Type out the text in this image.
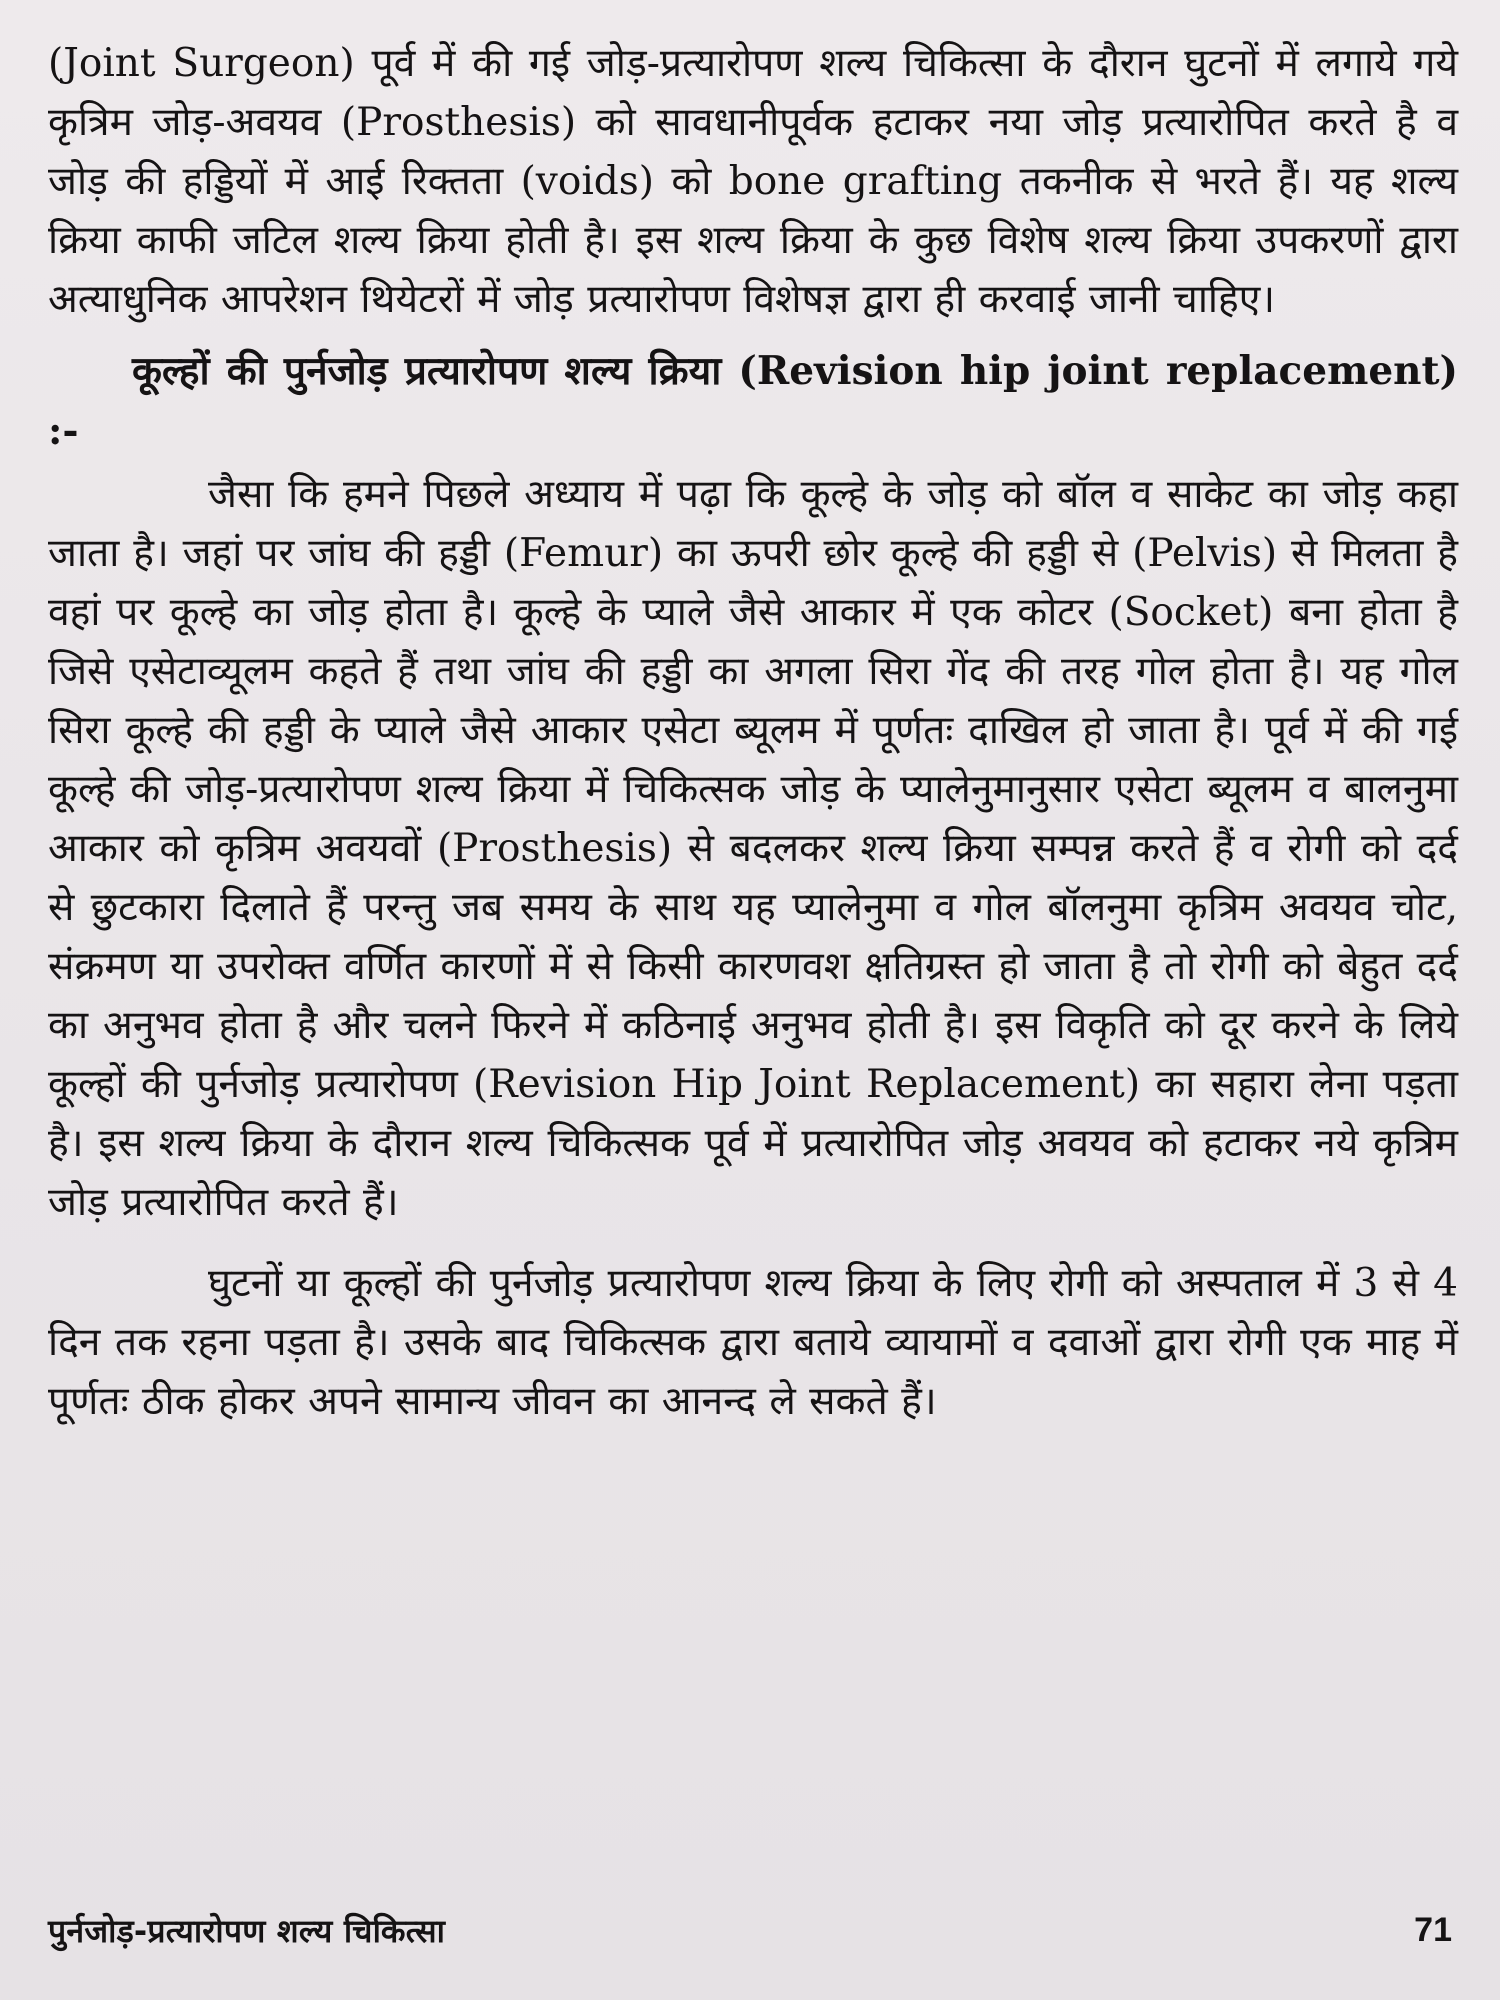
(Joint Surgeon) पूर्व में की गई जोड़-प्रत्यारोपण शल्य चिकित्सा के दौरान घुटनों में लगाये गये कृत्रिम जोड़-अवयव (Prosthesis) को सावधानीपूर्वक हटाकर नया जोड़ प्रत्यारोपित करते है व जोड़ की हड्डियों में आई रिक्तता (voids) को bone grafting तकनीक से भरते हैं। यह शल्य क्रिया काफी जटिल शल्य क्रिया होती है। इस शल्य क्रिया के कुछ विशेष शल्य क्रिया उपकरणों द्वारा अत्याधुनिक आपरेशन थियेटरों में जोड़ प्रत्यारोपण विशेषज्ञ द्वारा ही करवाई जानी चाहिए।

कूल्हों की पुर्नजोड़ प्रत्यारोपण शल्य क्रिया (Revision hip joint replacement) :-

जैसा कि हमने पिछले अध्याय में पढ़ा कि कूल्हे के जोड़ को बॉल व साकेट का जोड़ कहा जाता है। जहां पर जांघ की हड्डी (Femur) का ऊपरी छोर कूल्हे की हड्डी से (Pelvis) से मिलता है वहां पर कूल्हे का जोड़ होता है। कूल्हे के प्याले जैसे आकार में एक कोटर (Socket) बना होता है जिसे एसेटाव्यूलम कहते हैं तथा जांघ की हड्डी का अगला सिरा गेंद की तरह गोल होता है। यह गोल सिरा कूल्हे की हड्डी के प्याले जैसे आकार एसेटा ब्यूलम में पूर्णतः दाखिल हो जाता है। पूर्व में की गई कूल्हे की जोड़-प्रत्यारोपण शल्य क्रिया में चिकित्सक जोड़ के प्यालेनुमानुसार एसेटा ब्यूलम व बालनुमा आकार को कृत्रिम अवयवों (Prosthesis) से बदलकर शल्य क्रिया सम्पन्न करते हैं व रोगी को दर्द से छुटकारा दिलाते हैं परन्तु जब समय के साथ यह प्यालेनुमा व गोल बॉलनुमा कृत्रिम अवयव चोट, संक्रमण या उपरोक्त वर्णित कारणों में से किसी कारणवश क्षतिग्रस्त हो जाता है तो रोगी को बेहुत दर्द का अनुभव होता है और चलने फिरने में कठिनाई अनुभव होती है। इस विकृति को दूर करने के लिये कूल्हों की पुर्नजोड़ प्रत्यारोपण (Revision Hip Joint Replacement) का सहारा लेना पड़ता है। इस शल्य क्रिया के दौरान शल्य चिकित्सक पूर्व में प्रत्यारोपित जोड़ अवयव को हटाकर नये कृत्रिम जोड़ प्रत्यारोपित करते हैं।

घुटनों या कूल्हों की पुर्नजोड़ प्रत्यारोपण शल्य क्रिया के लिए रोगी को अस्पताल में 3 से 4 दिन तक रहना पड़ता है। उसके बाद चिकित्सक द्वारा बताये व्यायामों व दवाओं द्वारा रोगी एक माह में पूर्णतः ठीक होकर अपने सामान्य जीवन का आनन्द ले सकते हैं।

पुर्नजोड़-प्रत्यारोपण शल्य चिकित्सा	71
